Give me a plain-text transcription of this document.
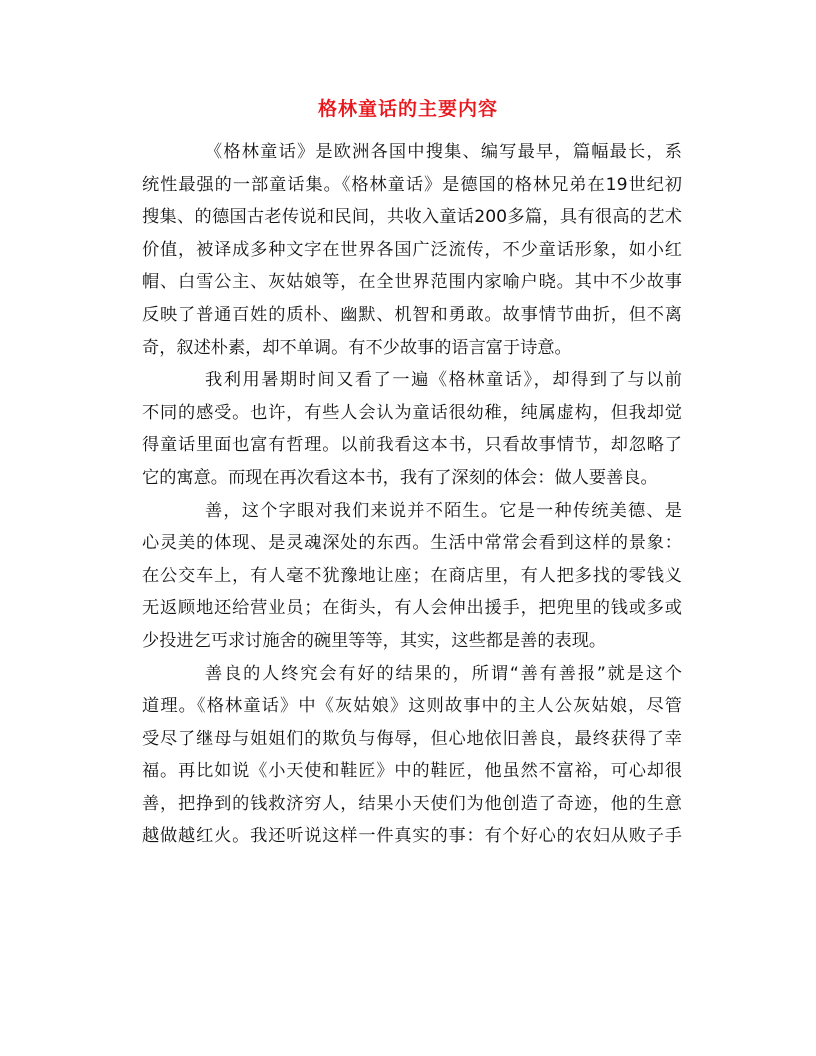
格林童话的主要内容
《格林童话》是欧洲各国中搜集、编写最早，篇幅最长，系
统性最强的一部童话集。《格林童话》是德国的格林兄弟在19世纪初
搜集、的德国古老传说和民间，共收入童话200多篇，具有很高的艺术
价值，被译成多种文字在世界各国广泛流传，不少童话形象，如小红
帽、白雪公主、灰姑娘等，在全世界范围内家喻户晓。其中不少故事
反映了普通百姓的质朴、幽默、机智和勇敢。故事情节曲折，但不离
奇，叙述朴素，却不单调。有不少故事的语言富于诗意。
我利用暑期时间又看了一遍《格林童话》，却得到了与以前
不同的感受。也许，有些人会认为童话很幼稚，纯属虚构，但我却觉
得童话里面也富有哲理。以前我看这本书，只看故事情节，却忽略了
它的寓意。而现在再次看这本书，我有了深刻的体会：做人要善良。
善，这个字眼对我们来说并不陌生。它是一种传统美德、是
心灵美的体现、是灵魂深处的东西。生活中常常会看到这样的景象：
在公交车上，有人毫不犹豫地让座；在商店里，有人把多找的零钱义
无返顾地还给营业员；在街头，有人会伸出援手，把兜里的钱或多或
少投进乞丐求讨施舍的碗里等等，其实，这些都是善的表现。
善良的人终究会有好的结果的，所谓“善有善报”就是这个
道理。《格林童话》中《灰姑娘》这则故事中的主人公灰姑娘，尽管
受尽了继母与姐姐们的欺负与侮辱，但心地依旧善良，最终获得了幸
福。再比如说《小天使和鞋匠》中的鞋匠，他虽然不富裕，可心却很
善，把挣到的钱救济穷人，结果小天使们为他创造了奇迹，他的生意
越做越红火。我还听说这样一件真实的事：有个好心的农妇从败子手
